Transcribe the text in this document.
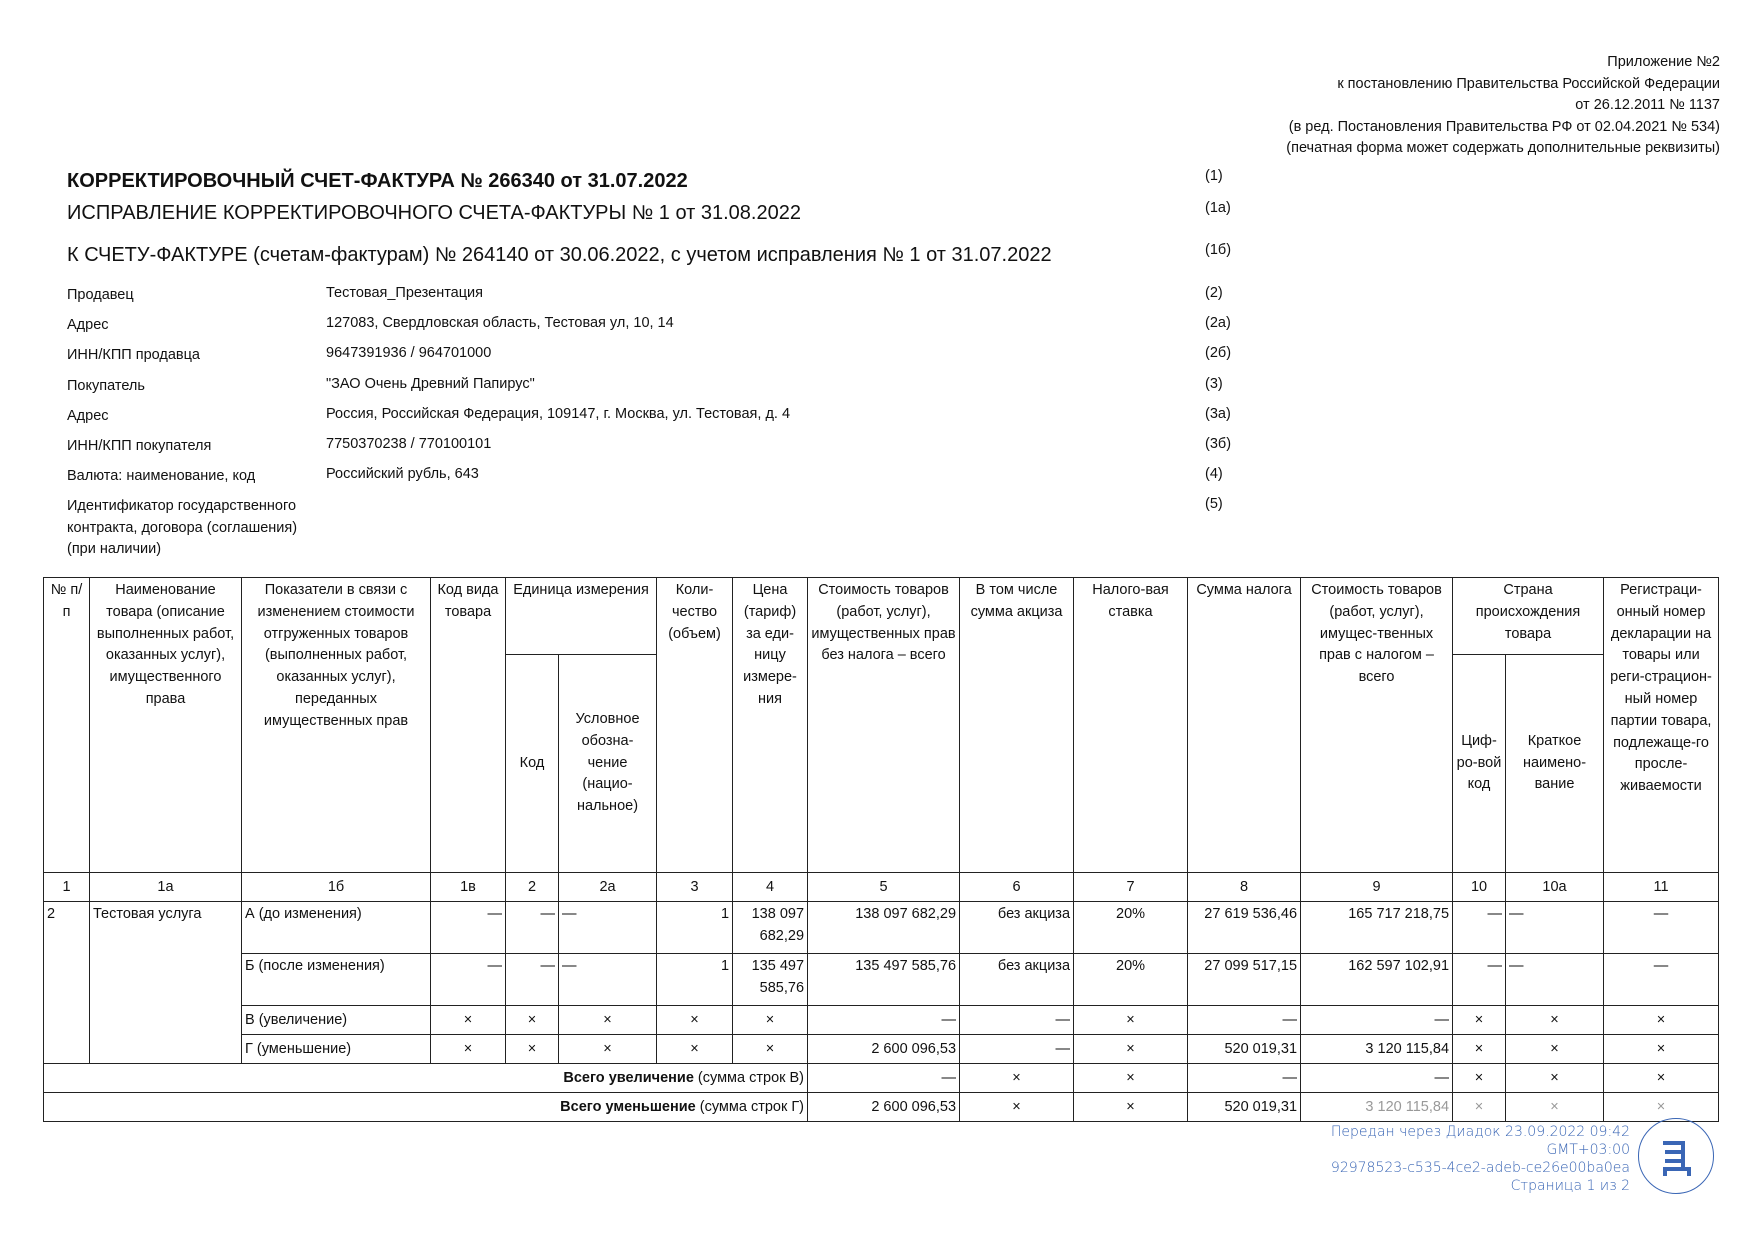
Приложение №2
к постановлению Правительства Российской Федерации
от 26.12.2011 № 1137
(в ред. Постановления Правительства РФ от 02.04.2021 № 534)
(печатная форма может содержать дополнительные реквизиты)
КОРРЕКТИРОВОЧНЫЙ СЧЕТ-ФАКТУРА № 266340 от 31.07.2022	(1)
ИСПРАВЛЕНИЕ КОРРЕКТИРОВОЧНОГО СЧЕТА-ФАКТУРЫ № 1 от 31.08.2022	(1а)
К СЧЕТУ-ФАКТУРЕ (счетам-фактурам) № 264140 от 30.06.2022, с учетом исправления № 1 от 31.07.2022	(1б)
Продавец	Тестовая_Презентация	(2)
Адрес	127083, Свердловская область, Тестовая ул, 10, 14	(2а)
ИНН/КПП продавца	9647391936 / 964701000	(2б)
Покупатель	"ЗАО Очень Древний Папирус"	(3)
Адрес	Россия, Российская Федерация, 109147, г. Москва, ул. Тестовая, д. 4	(3а)
ИНН/КПП покупателя	7750370238 / 770100101	(3б)
Валюта: наименование, код	Российский рубль, 643	(4)
Идентификатор государственного контракта, договора (соглашения) (при наличии)
(5)
№ п/п	Наименование товара (описание выполненных работ, оказанных услуг), имущественного права	Показатели в связи с изменением стоимости отгруженных товаров (выполненных работ, оказанных услуг), переданных имущественных прав	Код вида товара	Единица измерения		Коли-чество (объем)	Цена (тариф) за еди-ницу измере-ния	Стоимость товаров (работ, услуг), имущественных прав без налога – всего	В том числе сумма акциза	Налого-вая ставка	Сумма налога	Стоимость товаров (работ, услуг), имущес-твенных прав с налогом – всего	Страна происхождения товара		Регистраци-онный номер декларации на товары или реги-страцион-ный номер партии товара, подлежаще-го просле-живаемости
				Код	Условное обозна-чение (нацио-нальное)								Циф-ро-вой код	Краткое наимено-вание	
1	1а	1б	1в	2	2а	3	4	5	6	7	8	9	10	10а	11
2	Тестовая услуга	А (до изменения)	—	—	—	1	138 097 682,29	138 097 682,29	без акциза	20%	27 619 536,46	165 717 218,75	—	—	—
		Б (после изменения)	—	—	—	1	135 497 585,76	135 497 585,76	без акциза	20%	27 099 517,15	162 597 102,91	—	—	—
		В (увеличение)	×	×	×	×	×	—	—	×	—	—	×	×	×
		Г (уменьшение)	×	×	×	×	×	2 600 096,53	—	×	520 019,31	3 120 115,84	×	×	×
Всего увеличение (сумма строк В)								—	×	×	—	—	×	×	×
Всего уменьшение (сумма строк Г)								2 600 096,53	×	×	520 019,31	3 120 115,84	×	×	×
Передан через Диадок 23.09.2022 09:42 GMT+03:00
92978523-c535-4ce2-adeb-ce26e00ba0ea
Страница 1 из 2
